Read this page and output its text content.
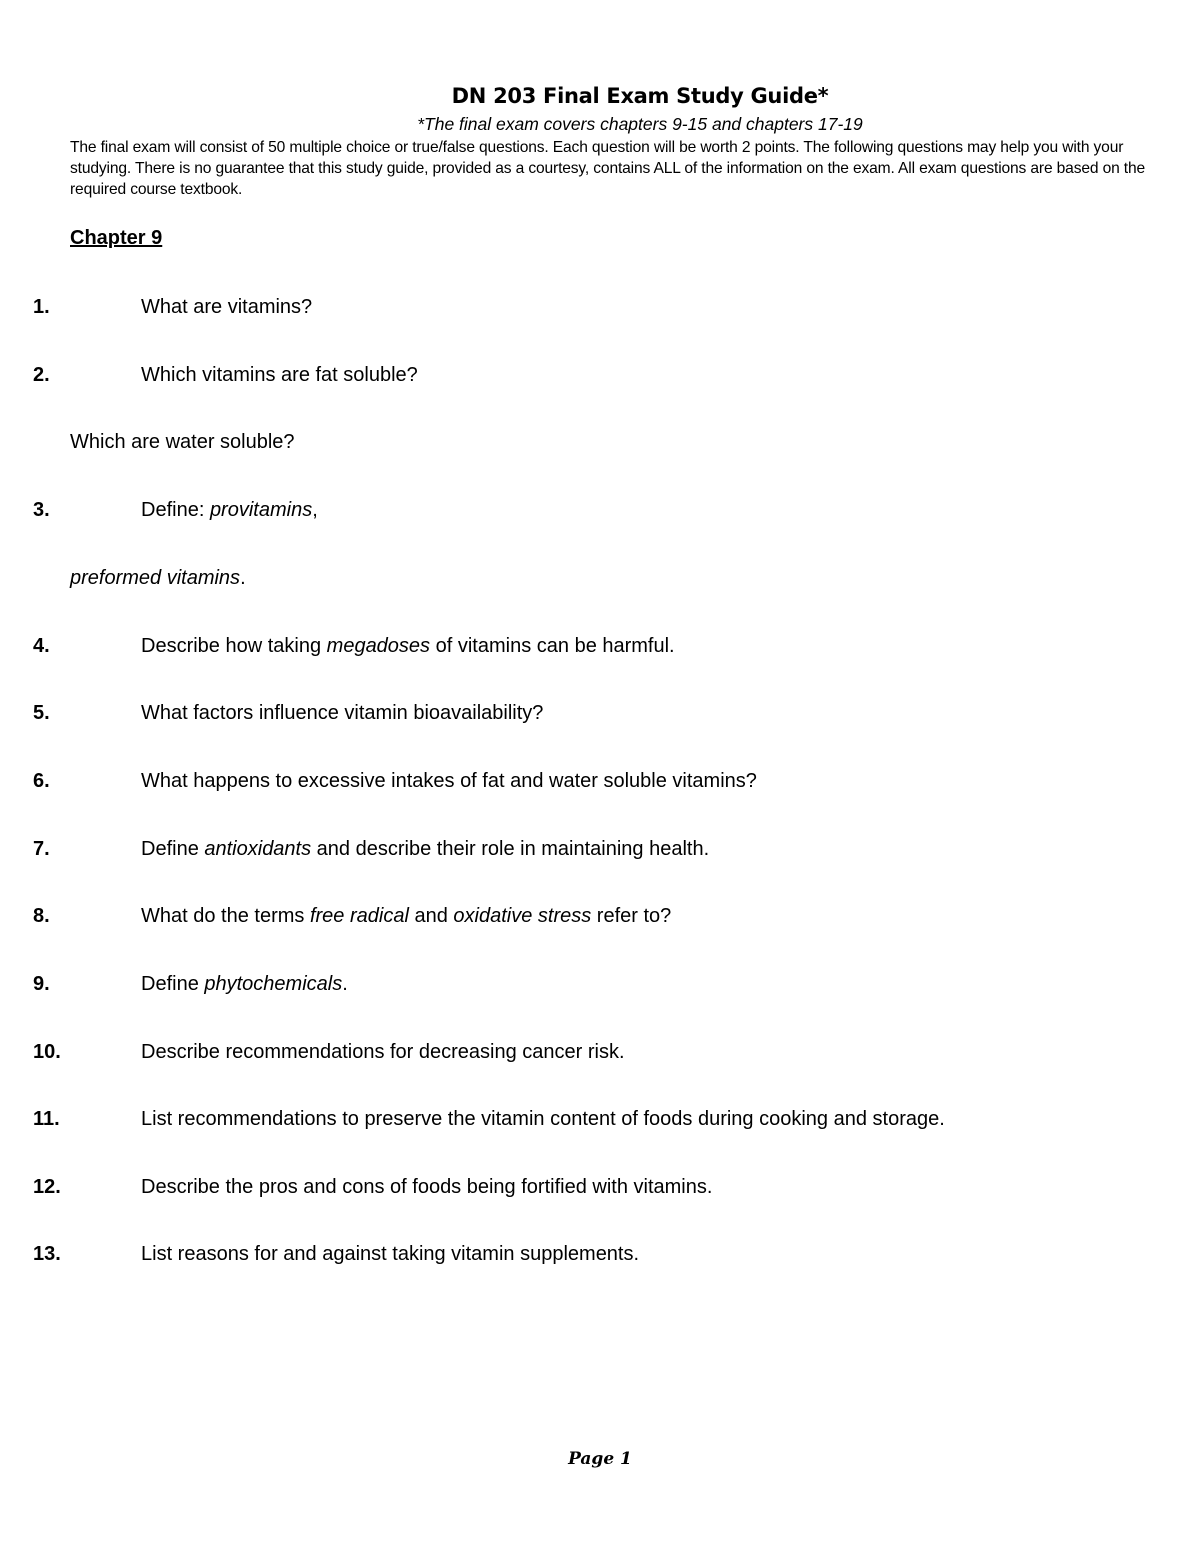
DN 203 Final Exam Study Guide*

*The final exam covers chapters 9-15 and chapters 17-19

The final exam will consist of 50 multiple choice or true/false questions. Each question will be worth 2 points. The following questions may help you with your studying. There is no guarantee that this study guide, provided as a courtesy, contains ALL of the information on the exam. All exam questions are based on the required course textbook.

Chapter 9
1.	What are vitamins?
2.	Which vitamins are fat soluble?
Which are water soluble?
3.	Define: provitamins,
preformed vitamins.
4.	Describe how taking megadoses of vitamins can be harmful.
5.	What factors influence vitamin bioavailability?
6.	What happens to excessive intakes of fat and water soluble vitamins?
7.	Define antioxidants and describe their role in maintaining health.
8.	What do the terms free radical and oxidative stress refer to?
9.	Define phytochemicals.
10.	Describe recommendations for decreasing cancer risk.
11.	List recommendations to preserve the vitamin content of foods during cooking and storage.
12.	Describe the pros and cons of foods being fortified with vitamins.
13.	List reasons for and against taking vitamin supplements.
Page 1
